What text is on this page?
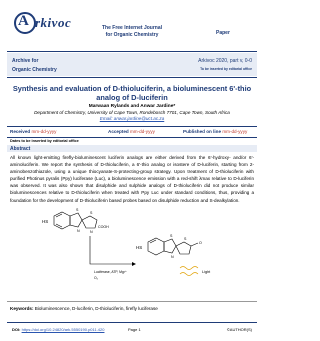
A rkivoc	The Free Internet Journal
for Organic Chemistry	Paper
Archive for
Organic Chemistry
Arkivoc 2020, part v, 0-0
To be inserted by editorial office
Synthesis and evaluation of D-thioluciferin, a bioluminescent 6'-thio analog of D-luciferin
Marwaan Rylands and Anwar Jardine*
Department of Chemistry, University of Cape Town, Rondebosch 7701, Cape Town, South Africa
Email: anwar.jardine@uct.ac.za
Received mm-dd-yyyy	Accepted mm-dd-yyyy	Published on line mm-dd-yyyy
Dates to be inserted by editorial office
Abstract
All known light-emitting firefly-bioluminescent luciferin analogs are either derived from the 6'-hydroxy- and/or 6'-aminoluciferin. We report the synthesis of D-thioluciferin, a 6'-thio analog or isostere of D-luciferin, starting from 2-aminobenzothiazole, using a unique thiocyanate-S-protecting-group strategy. Upon treatment of D-thioluciferin with purified Photinus pyralis (Ppy) luciferase (Luc), a bioluminescence emission with a red-shift λmax relative to D-luciferin was observed. It was also shown that disulphide and sulphide analogs of D-thioluciferin did not produce similar bioluminescences relative to D-thioluciferin when treated with Ppy Luc under standard conditions, thus, providing a foundation for the development of D-thioluciferin based probes based on disulphide reduction and S-dealkylation.
HS
S
N
S
N
COOH
HS
S
N
S
O
Luciferase, ATP, Mg²⁺
O₂
Light
Keywords: Bioluminescence, D-luciferin, D-thioluciferin, firefly luciferase
DOI: https://doi.org/10.24820/ark.5550190.p011.420	Page 1	©AUTHOR(S)
